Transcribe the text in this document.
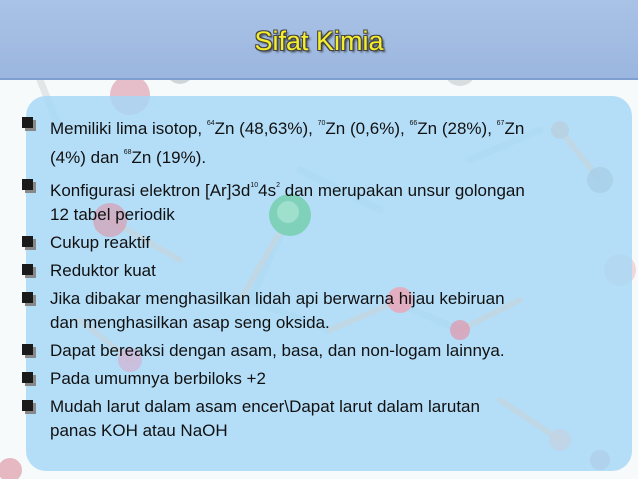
Sifat Kimia
Memiliki lima isotop, $^{64}$Zn (48,63%), $^{70}$Zn (0,6%), $^{66}$Zn (28%), $^{67}$Zn
(4%) dan $^{68}$Zn (19%).
Konfigurasi elektron $[Ar]3d^{10}4s^2$ dan merupakan unsur golongan
12 tabel periodik
Cukup reaktif
Reduktor kuat
Jika dibakar menghasilkan lidah api berwarna hijau kebiruan
dan menghasilkan asap seng oksida.
Dapat bereaksi dengan asam, basa, dan non-logam lainnya.
Pada umumnya berbiloks +2
Mudah larut dalam asam encer\Dapat larut dalam larutan
panas KOH atau NaOH
